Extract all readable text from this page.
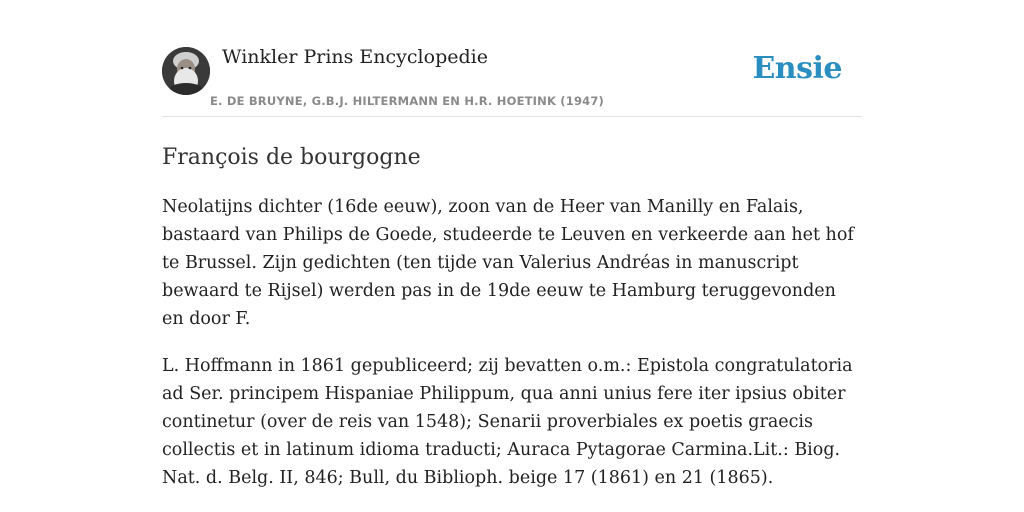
Winkler Prins Encyclopedie
E. DE BRUYNE, G.B.J. HILTERMANN EN H.R. HOETINK (1947)
Ensie
François de bourgogne

Neolatijns dichter (16de eeuw), zoon van de Heer van Manilly en Falais, bastaard van Philips de Goede, studeerde te Leuven en verkeerde aan het hof te Brussel. Zijn gedichten (ten tijde van Valerius Andréas in manuscript bewaard te Rijsel) werden pas in de 19de eeuw te Hamburg teruggevonden en door F.

L. Hoffmann in 1861 gepubliceerd; zij bevatten o.m.: Epistola congratulatoria ad Ser. principem Hispaniae Philippum, qua anni unius fere iter ipsius obiter continetur (over de reis van 1548); Senarii proverbiales ex poetis graecis collectis et in latinum idioma traducti; Auraca Pytagorae Carmina.Lit.: Biog. Nat. d. Belg. II, 846; Bull, du Biblioph. beige 17 (1861) en 21 (1865).
